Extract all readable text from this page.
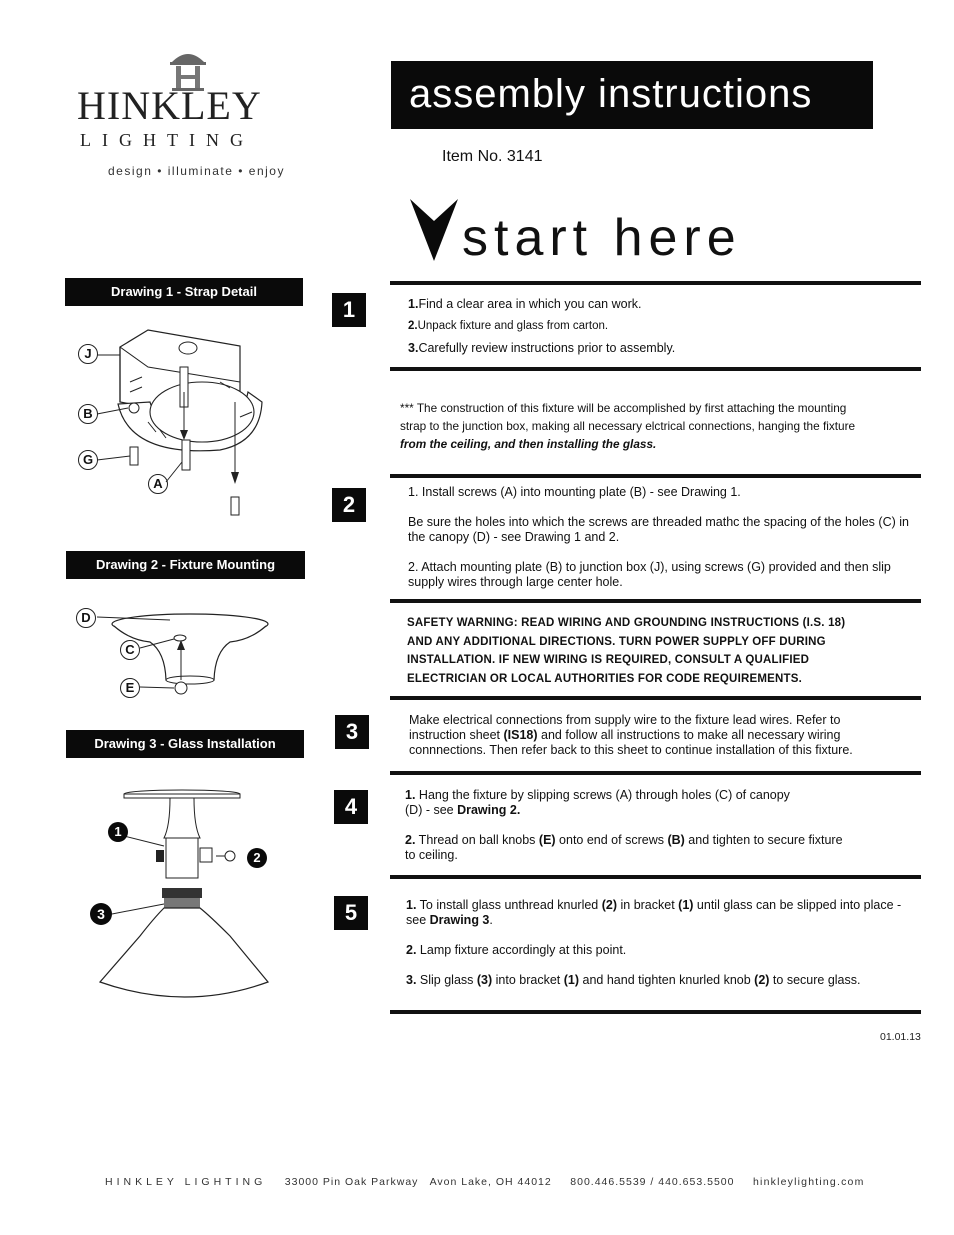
HINKLEY
LIGHTING
design • illuminate • enjoy
assembly instructions
Item No. 3141
start here
Drawing 1 - Strap Detail
Drawing 2 - Fixture Mounting
Drawing 3 - Glass Installation
J
B
G
A
D
C
E
1
2
3
1	1.Find a clear area in which you can work.
2.Unpack fixture and glass from carton.
3.Carefully review instructions prior to assembly.
*** The construction of this fixture will be accomplished by first attaching the mounting
strap to the junction box, making all necessary elctrical connections, hanging the fixture
from the ceiling, and then installing the glass.
2	1. Install screws (A) into mounting plate (B) - see Drawing 1.

Be sure the holes into which the screws are threaded mathc the spacing of the holes (C) in the canopy (D) - see Drawing 1 and 2.

2. Attach mounting plate (B) to junction box (J), using screws (G) provided and then slip supply wires through large center hole.

SAFETY WARNING: READ WIRING AND GROUNDING INSTRUCTIONS (I.S. 18)
AND ANY ADDITIONAL DIRECTIONS. TURN POWER SUPPLY OFF DURING
INSTALLATION. IF NEW WIRING IS REQUIRED, CONSULT A QUALIFIED
ELECTRICIAN OR LOCAL AUTHORITIES FOR CODE REQUIREMENTS.
3	Make electrical connections from supply wire to the fixture lead wires. Refer to instruction sheet (IS18) and follow all instructions to make all necessary wiring connnections. Then refer back to this sheet to continue installation of this fixture.
4	1. Hang the fixture by slipping screws (A) through holes (C) of canopy
(D) - see Drawing 2.
2. Thread on ball knobs (E) onto end of screws (B) and tighten to secure fixture
to ceiling.
5	1. To install glass unthread knurled (2) in bracket (1) until glass can be slipped into place - see Drawing 3.

2. Lamp fixture accordingly at this point.

3. Slip glass (3) into bracket (1) and hand tighten knurled knob (2) to secure glass.

01.01.13
HINKLEY LIGHTING 33000 Pin Oak Parkway   Avon Lake, OH 44012 800.446.5539 / 440.653.5500 hinkleylighting.com
